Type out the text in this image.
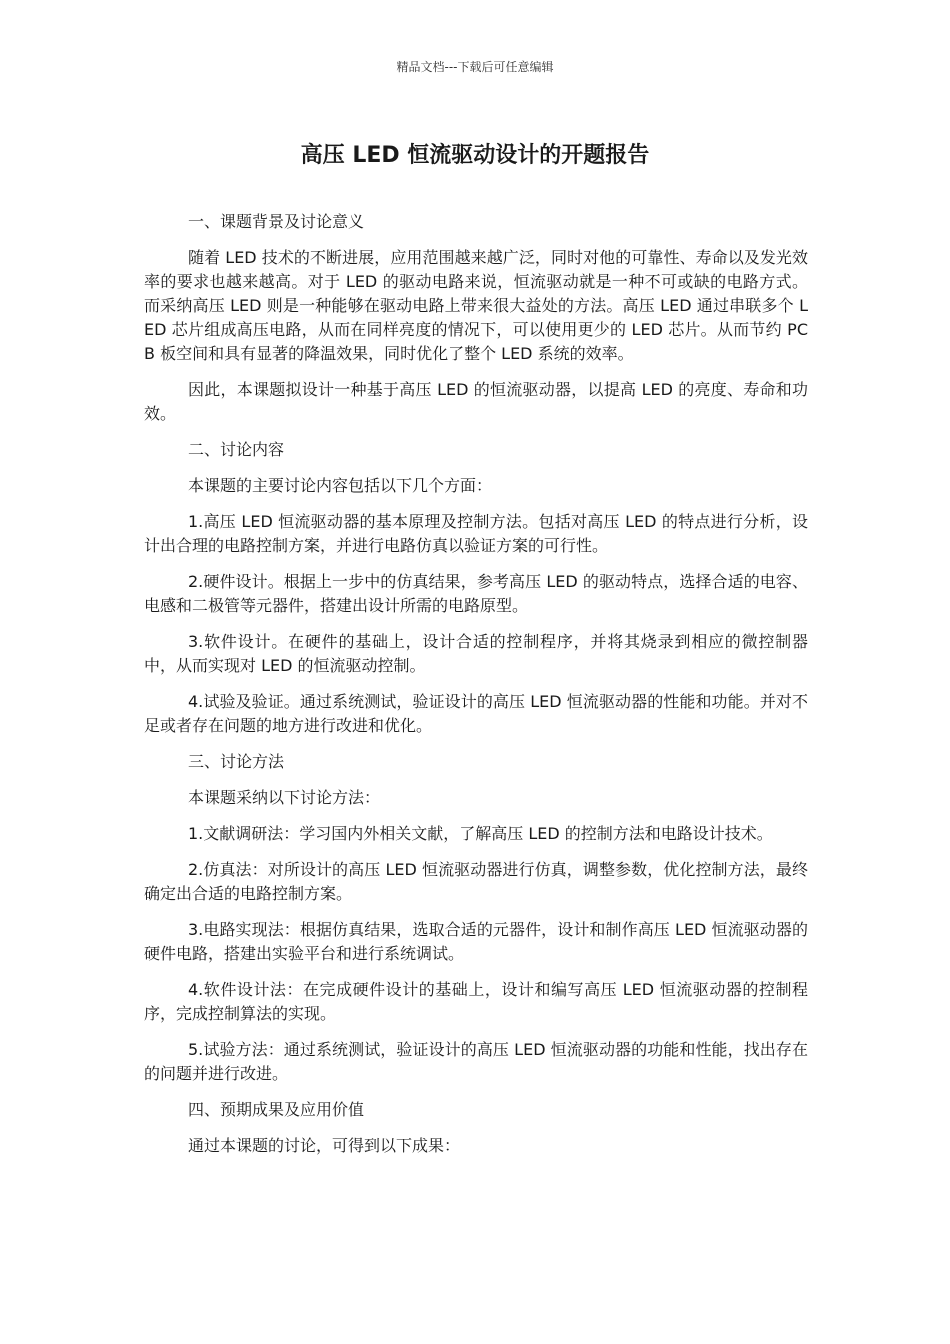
精品文档---下载后可任意编辑
高压 LED 恒流驱动设计的开题报告
一、课题背景及讨论意义

随着 LED 技术的不断进展，应用范围越来越广泛，同时对他的可靠性、寿命以及发光效率的要求也越来越高。对于 LED 的驱动电路来说，恒流驱动就是一种不可或缺的电路方式。而采纳高压 LED 则是一种能够在驱动电路上带来很大益处的方法。高压 LED 通过串联多个 LED 芯片组成高压电路，从而在同样亮度的情况下，可以使用更少的 LED 芯片。从而节约 PCB 板空间和具有显著的降温效果，同时优化了整个 LED 系统的效率。

因此，本课题拟设计一种基于高压 LED 的恒流驱动器，以提高 LED 的亮度、寿命和功效。

二、讨论内容

本课题的主要讨论内容包括以下几个方面：

1.高压 LED 恒流驱动器的基本原理及控制方法。包括对高压 LED 的特点进行分析，设计出合理的电路控制方案，并进行电路仿真以验证方案的可行性。

2.硬件设计。根据上一步中的仿真结果，参考高压 LED 的驱动特点，选择合适的电容、电感和二极管等元器件，搭建出设计所需的电路原型。

3.软件设计。在硬件的基础上，设计合适的控制程序，并将其烧录到相应的微控制器中，从而实现对 LED 的恒流驱动控制。

4.试验及验证。通过系统测试，验证设计的高压 LED 恒流驱动器的性能和功能。并对不足或者存在问题的地方进行改进和优化。

三、讨论方法

本课题采纳以下讨论方法：

1.文献调研法：学习国内外相关文献，了解高压 LED 的控制方法和电路设计技术。

2.仿真法：对所设计的高压 LED 恒流驱动器进行仿真，调整参数，优化控制方法，最终确定出合适的电路控制方案。

3.电路实现法：根据仿真结果，选取合适的元器件，设计和制作高压 LED 恒流驱动器的硬件电路，搭建出实验平台和进行系统调试。

4.软件设计法：在完成硬件设计的基础上，设计和编写高压 LED 恒流驱动器的控制程序，完成控制算法的实现。

5.试验方法：通过系统测试，验证设计的高压 LED 恒流驱动器的功能和性能，找出存在的问题并进行改进。

四、预期成果及应用价值

通过本课题的讨论，可得到以下成果：
